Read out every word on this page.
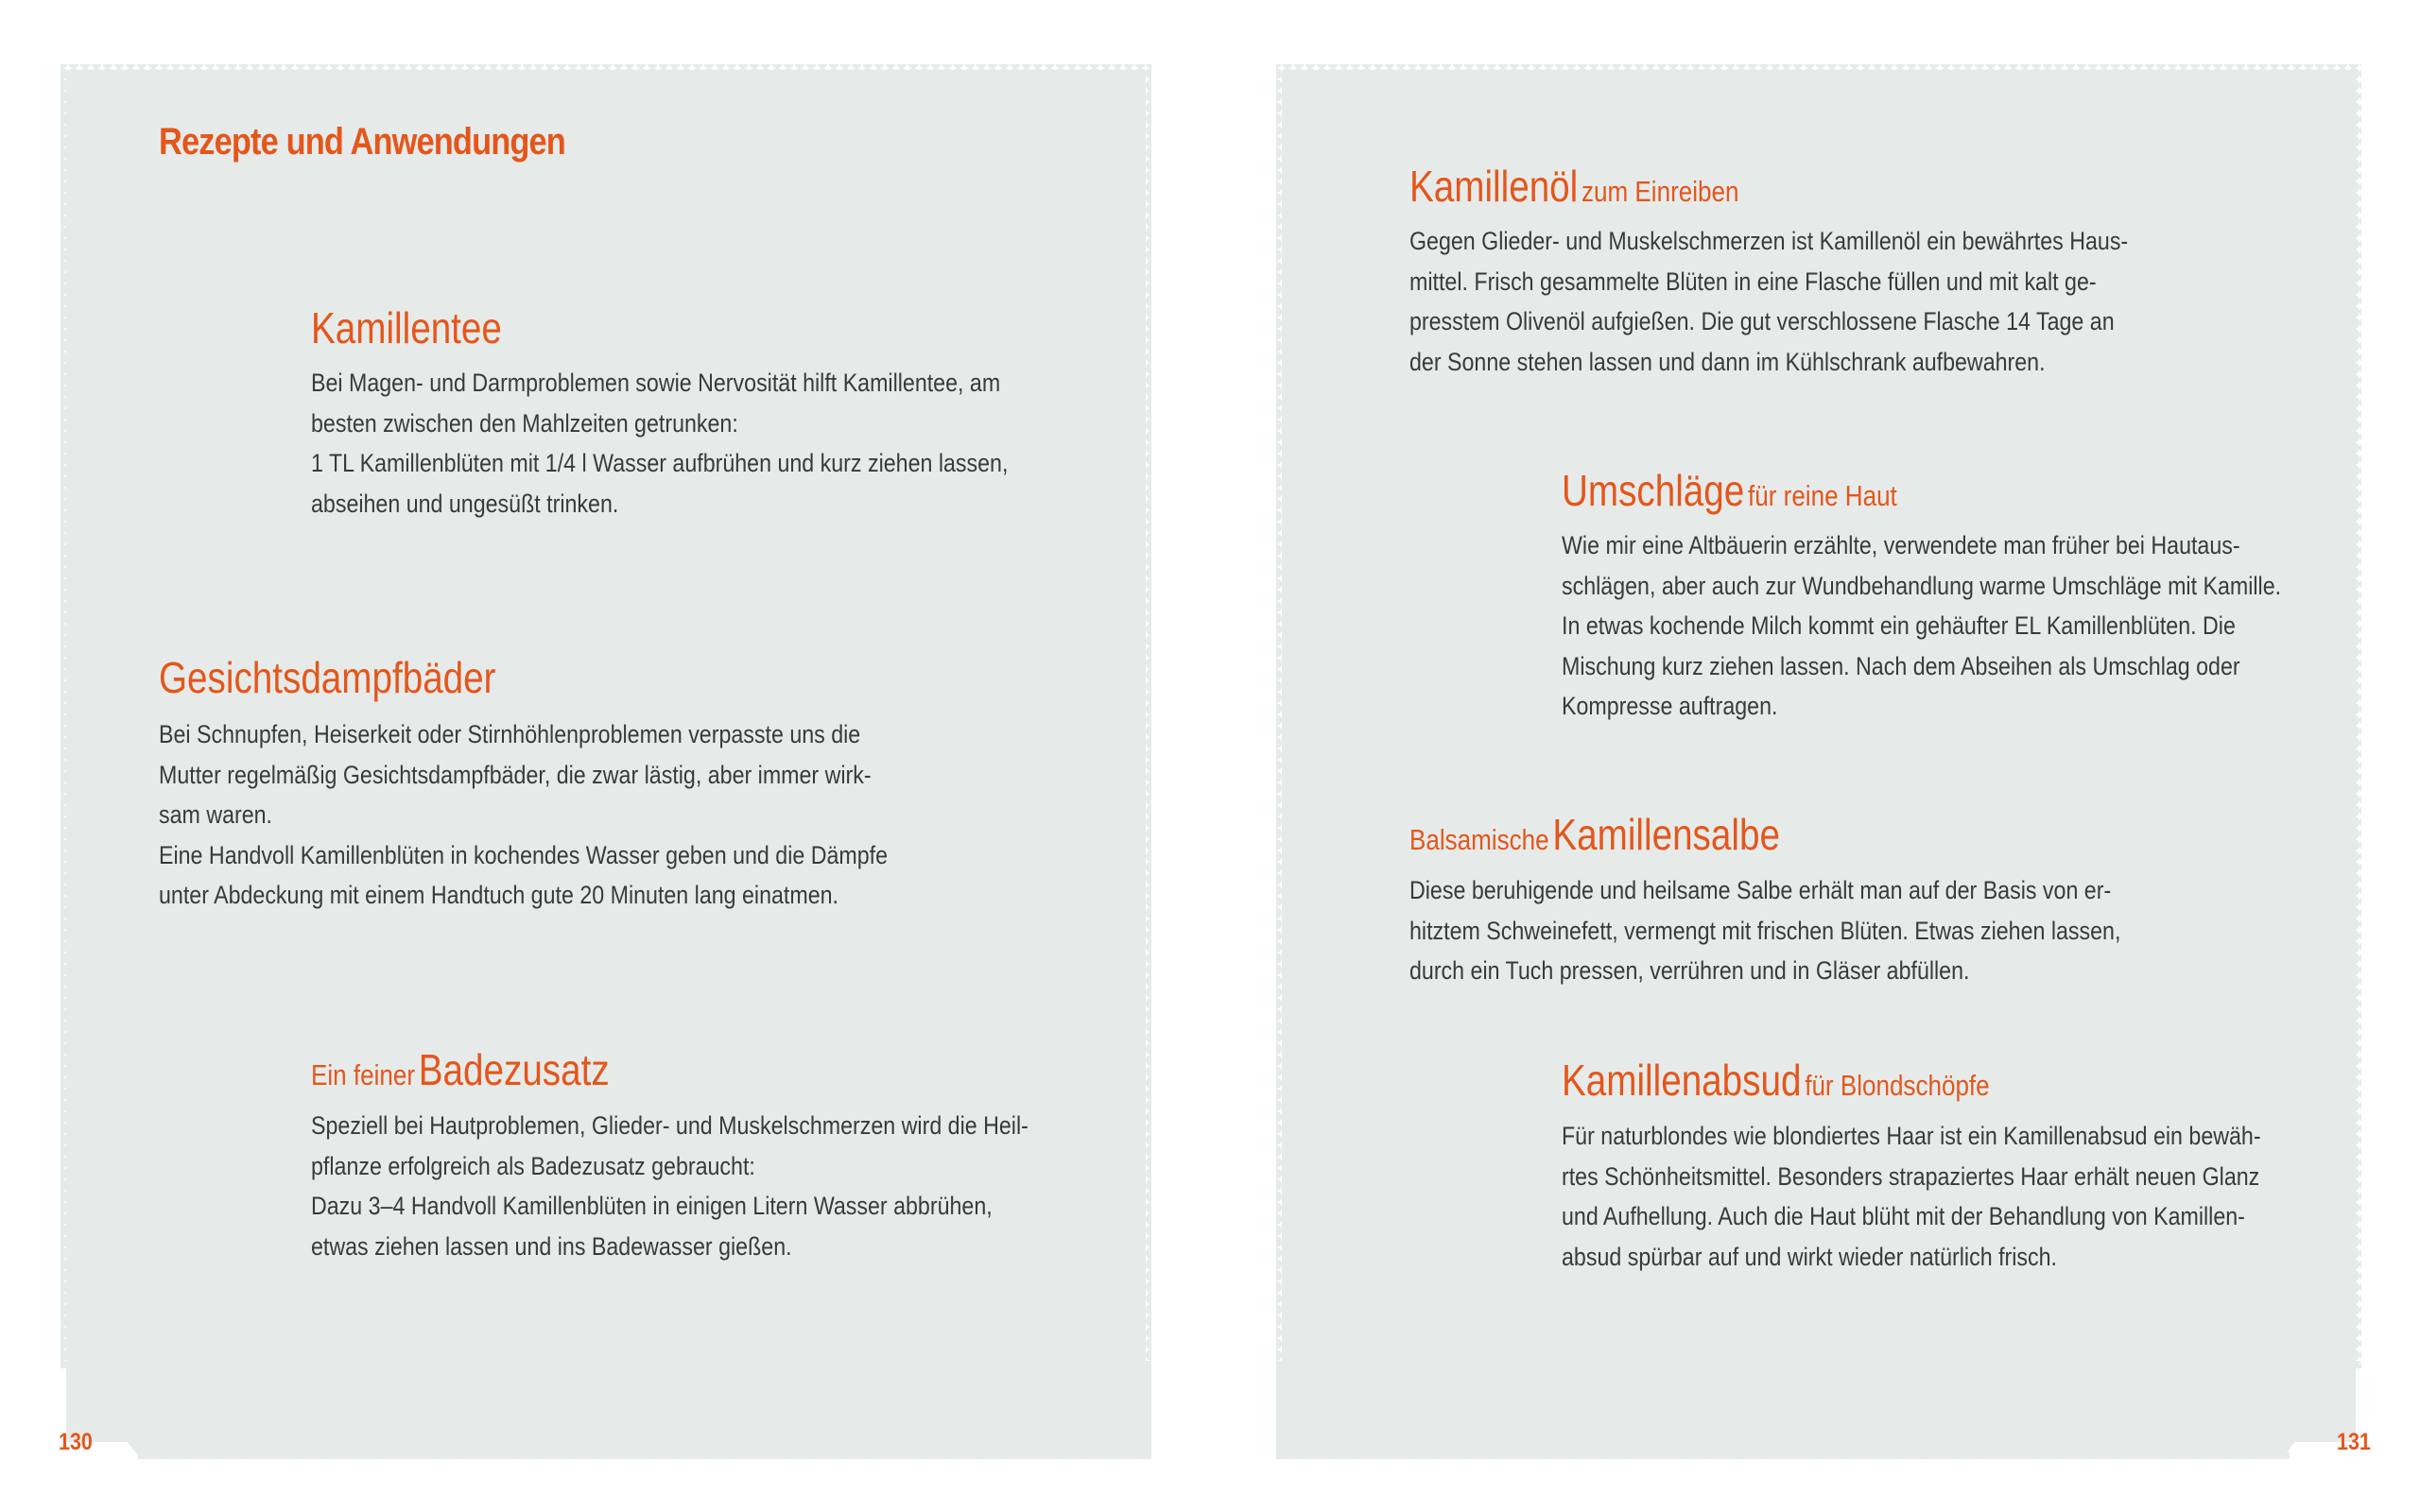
Rezepte und Anwendungen
Kamillentee
Bei Magen- und Darmproblemen sowie Nervosität hilft Kamillentee, am
besten zwischen den Mahlzeiten getrunken:
1 TL Kamillenblüten mit 1/4 l Wasser aufbrühen und kurz ziehen lassen,
abseihen und ungesüßt trinken.
Gesichtsdampfbäder
Bei Schnupfen, Heiserkeit oder Stirnhöhlenproblemen verpasste uns die
Mutter regelmäßig Gesichtsdampfbäder, die zwar lästig, aber immer wirk-
sam waren.
Eine Handvoll Kamillenblüten in kochendes Wasser geben und die Dämpfe
unter Abdeckung mit einem Handtuch gute 20 Minuten lang einatmen.
Ein feiner Badezusatz
Speziell bei Hautproblemen, Glieder- und Muskelschmerzen wird die Heil-
pflanze erfolgreich als Badezusatz gebraucht:
Dazu 3–4 Handvoll Kamillenblüten in einigen Litern Wasser abbrühen,
etwas ziehen lassen und ins Badewasser gießen.
130
Kamillenöl zum Einreiben
Gegen Glieder- und Muskelschmerzen ist Kamillenöl ein bewährtes Haus-
mittel. Frisch gesammelte Blüten in eine Flasche füllen und mit kalt ge-
presstem Olivenöl aufgießen. Die gut verschlossene Flasche 14 Tage an
der Sonne stehen lassen und dann im Kühlschrank aufbewahren.
Umschläge für reine Haut
Wie mir eine Altbäuerin erzählte, verwendete man früher bei Hautaus-
schlägen, aber auch zur Wundbehandlung warme Umschläge mit Kamille.
In etwas kochende Milch kommt ein gehäufter EL Kamillenblüten. Die
Mischung kurz ziehen lassen. Nach dem Abseihen als Umschlag oder
Kompresse auftragen.
Balsamische Kamillensalbe
Diese beruhigende und heilsame Salbe erhält man auf der Basis von er-
hitztem Schweinefett, vermengt mit frischen Blüten. Etwas ziehen lassen,
durch ein Tuch pressen, verrühren und in Gläser abfüllen.
Kamillenabsud für Blondschöpfe
Für naturblondes wie blondiertes Haar ist ein Kamillenabsud ein bewäh-
rtes Schönheitsmittel. Besonders strapaziertes Haar erhält neuen Glanz
und Aufhellung. Auch die Haut blüht mit der Behandlung von Kamillen-
absud spürbar auf und wirkt wieder natürlich frisch.
131
